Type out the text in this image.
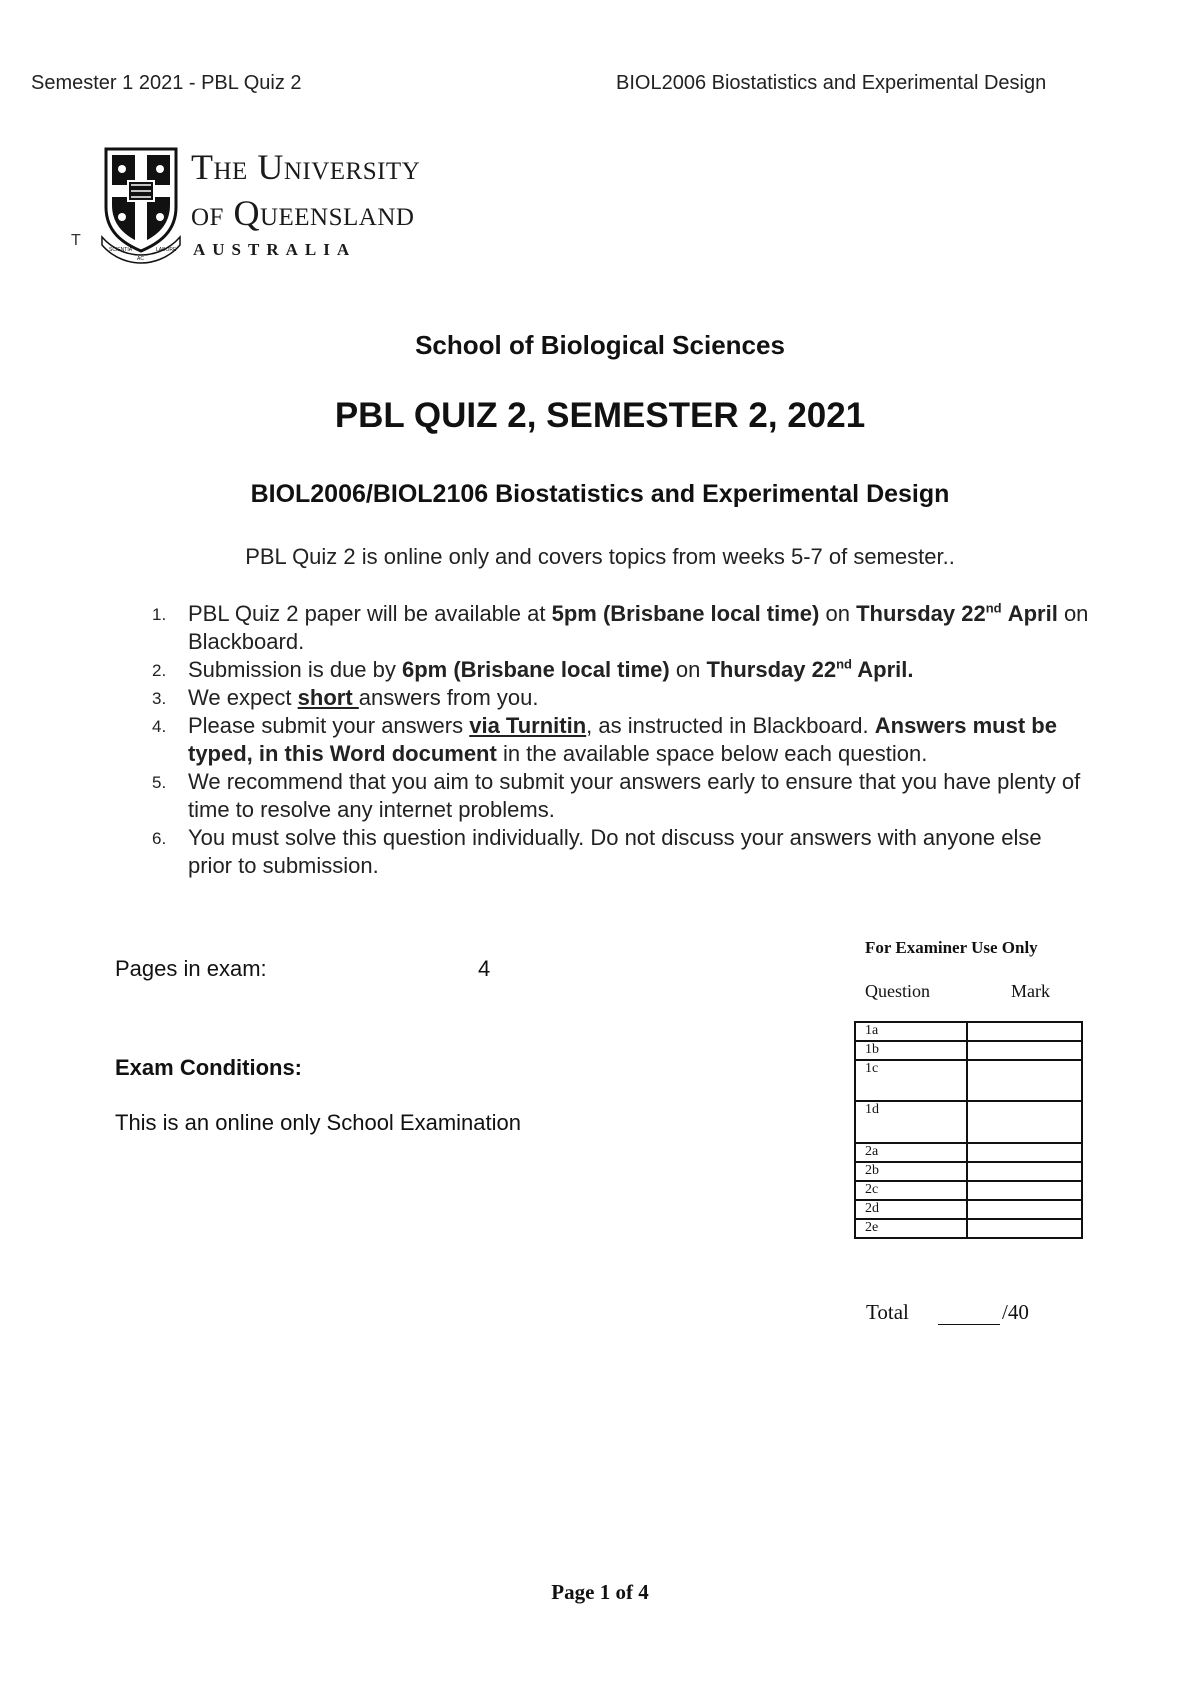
Semester 1 2021 - PBL Quiz 2	BIOL2006 Biostatistics and Experimental Design
SCIENTIA
AC
LABORE
The University
of Queensland
AUSTRALIA
T
School of Biological Sciences
PBL QUIZ 2, SEMESTER 2, 2021
BIOL2006/BIOL2106 Biostatistics and Experimental Design
PBL Quiz 2 is online only and covers topics from weeks 5-7 of semester..
1. PBL Quiz 2 paper will be available at 5pm (Brisbane local time) on Thursday 22nd April on Blackboard.
2. Submission is due by 6pm (Brisbane local time) on Thursday 22nd April.
3. We expect short answers from you.
4. Please submit your answers via Turnitin, as instructed in Blackboard. Answers must be typed, in this Word document in the available space below each question.
5. We recommend that you aim to submit your answers early to ensure that you have plenty of time to resolve any internet problems.
6. You must solve this question individually. Do not discuss your answers with anyone else prior to submission.
Pages in exam:	4
Exam Conditions:
This is an online only School Examination
For Examiner Use Only
Question	Mark
1a	
1b	
1c	
1d	
2a	
2b	
2c	
2d	
2e	
Total	/40
Page 1 of 4
